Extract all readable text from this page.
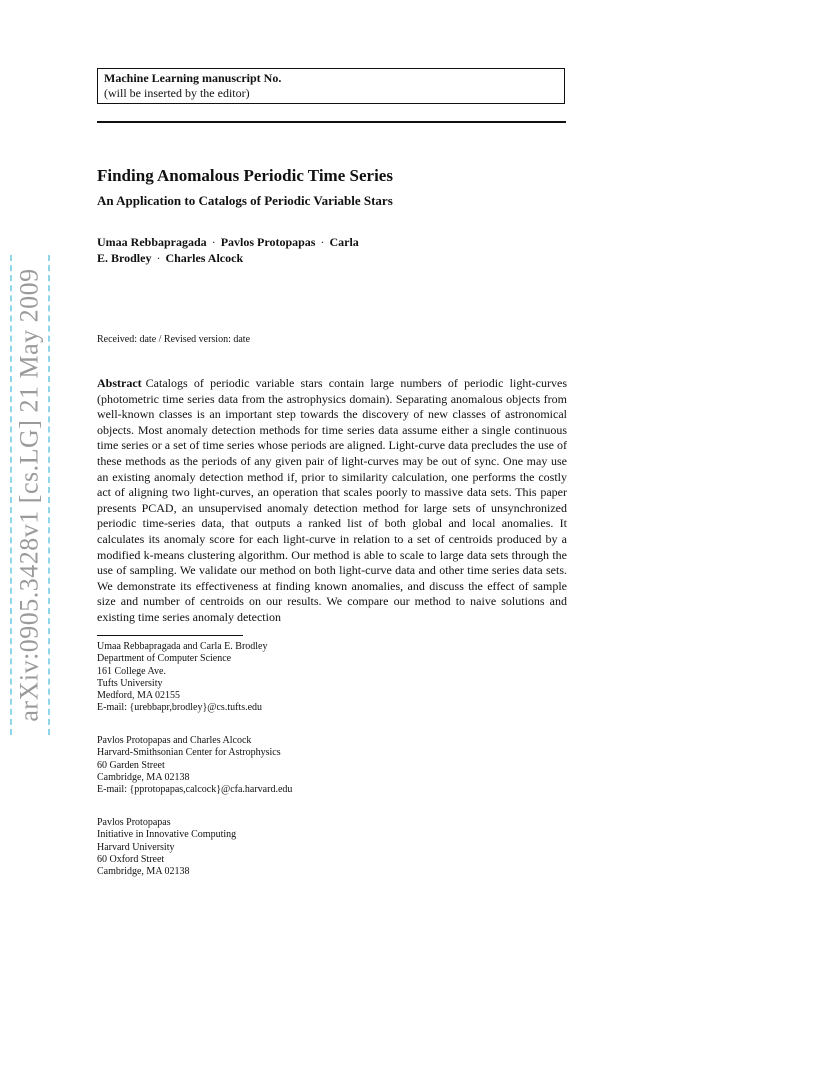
arXiv:0905.3428v1 [cs.LG] 21 May 2009
Machine Learning manuscript No.
(will be inserted by the editor)
Finding Anomalous Periodic Time Series
An Application to Catalogs of Periodic Variable Stars
Umaa Rebbapragada · Pavlos Protopapas · Carla
E. Brodley · Charles Alcock
Received: date / Revised version: date

Abstract Catalogs of periodic variable stars contain large numbers of periodic light-curves (photometric time series data from the astrophysics domain). Separating anomalous objects from well-known classes is an important step towards the discovery of new classes of astronomical objects. Most anomaly detection methods for time series data assume either a single continuous time series or a set of time series whose periods are aligned. Light-curve data precludes the use of these methods as the periods of any given pair of light-curves may be out of sync. One may use an existing anomaly detection method if, prior to similarity calculation, one performs the costly act of aligning two light-curves, an operation that scales poorly to massive data sets. This paper presents PCAD, an unsupervised anomaly detection method for large sets of unsynchronized periodic time-series data, that outputs a ranked list of both global and local anomalies. It calculates its anomaly score for each light-curve in relation to a set of centroids produced by a modified k-means clustering algorithm. Our method is able to scale to large data sets through the use of sampling. We validate our method on both light-curve data and other time series data sets. We demonstrate its effectiveness at finding known anomalies, and discuss the effect of sample size and number of centroids on our results. We compare our method to naive solutions and existing time series anomaly detection

Umaa Rebbapragada and Carla E. Brodley
Department of Computer Science
161 College Ave.
Tufts University
Medford, MA 02155
E-mail: {urebbapr,brodley}@cs.tufts.edu
Pavlos Protopapas and Charles Alcock
Harvard-Smithsonian Center for Astrophysics
60 Garden Street
Cambridge, MA 02138
E-mail: {pprotopapas,calcock}@cfa.harvard.edu
Pavlos Protopapas
Initiative in Innovative Computing
Harvard University
60 Oxford Street
Cambridge, MA 02138
